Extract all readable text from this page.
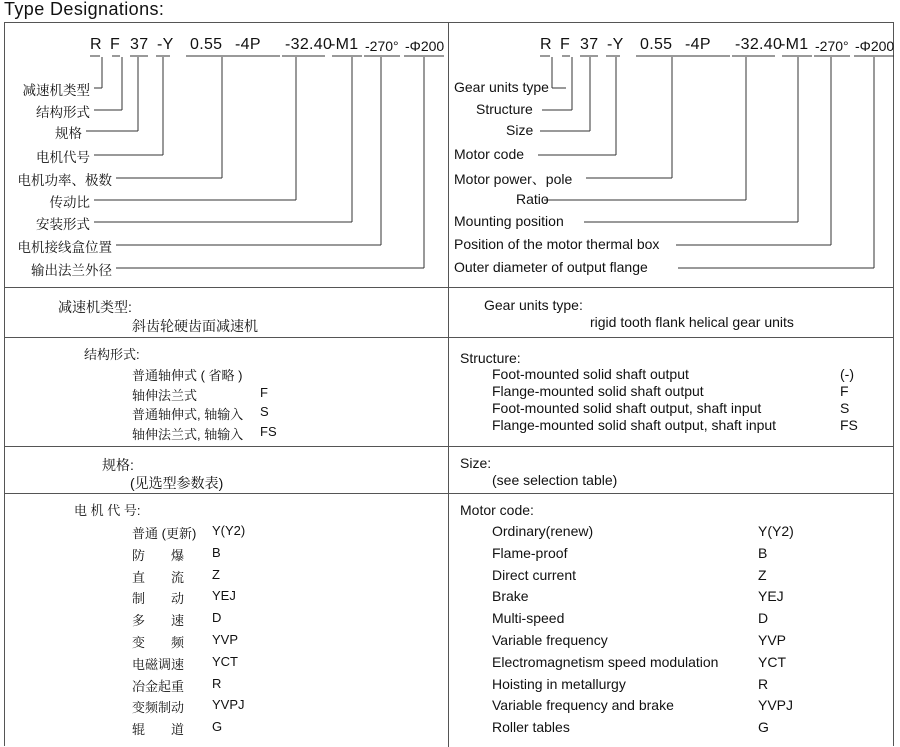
Type Designations:
R F 37 -Y 0.55 -4P -32.40
-M1 -270° -Φ200	R F 37 -Y 0.55 -4P -32.40
-M1 -270° -Φ200
减速机类型
结构形式
规格
电机代号
电机功率、极数
传动比
安装形式
电机接线盒位置
输出法兰外径
Gear units type
Structure
Size
Motor code
Motor power、pole
Ratio
Mounting position
Position of the motor thermal box
Outer diameter of output flange
减速机类型:
斜齿轮硬齿面减速机
Gear units type:
rigid tooth flank helical gear units
结构形式:	Structure:
普通轴伸式 ( 省略 )	Foot-mounted solid shaft output	(-)
轴伸法兰式	F	Flange-mounted solid shaft output	F
普通轴伸式, 轴输入 S	Foot-mounted solid shaft output, shaft input	S
轴伸法兰式, 轴输入 FS	Flange-mounted solid shaft output, shaft input	FS
规格:
(见选型参数表)
Size:
(see selection table)
电 机 代 号:	Motor code:
普通 (更新) Y(Y2)	Ordinary(renew)	Y(Y2)
防　　爆 B	Flame-proof	B
直　　流 Z	Direct current	Z
制　　动 YEJ	Brake	YEJ
多　　速 D	Multi-speed	D
变　　频 YVP	Variable frequency	YVP
电磁调速 YCT	Electromagnetism speed modulation	YCT
冶金起重 R	Hoisting in metallurgy	R
变频制动 YVPJ	Variable frequency and brake	YVPJ
辊　　道 G	Roller tables	G
